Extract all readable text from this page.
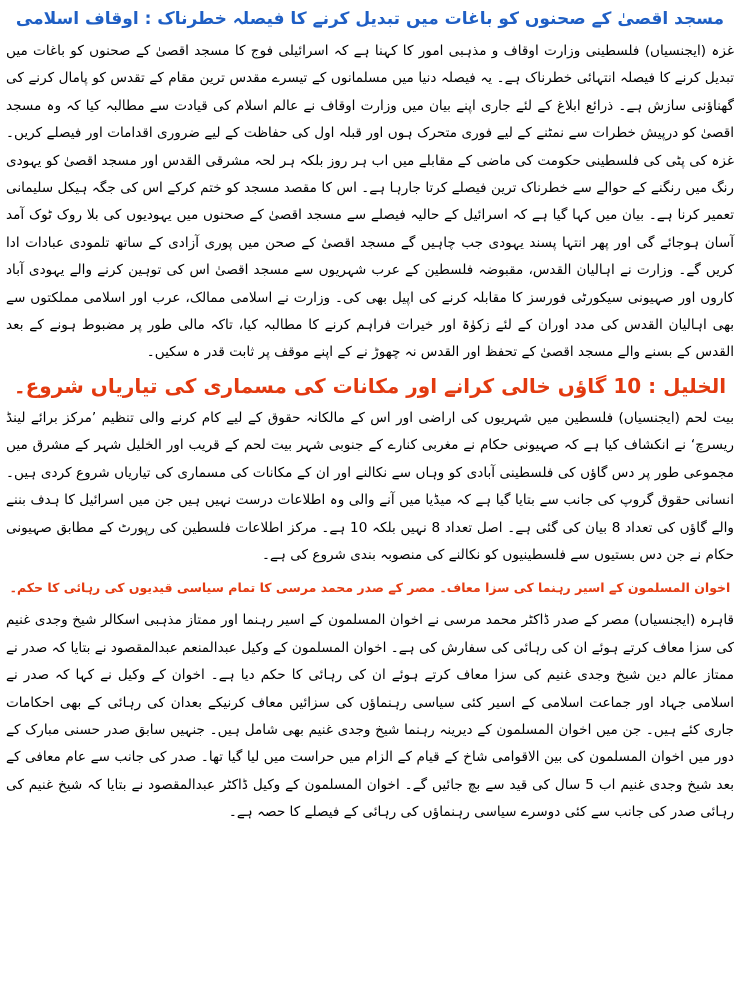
مسجد اقصیٰ کے صحنوں کو باغات میں تبدیل کرنے کا فیصلہ خطرناک : اوقاف اسلامی

غزہ (ایجنسیاں) فلسطینی وزارت اوقاف و مذہبی امور کا کہنا ہے کہ اسرائیلی فوج کا مسجد اقصیٰ کے صحنوں کو باغات میں تبدیل کرنے کا فیصلہ انتہائی خطرناک ہے۔ یہ فیصلہ دنیا میں مسلمانوں کے تیسرے مقدس ترین مقام کے تقدس کو پامال کرنے کی گھناؤنی سازش ہے۔ ذرائع ابلاغ کے لئے جاری اپنے بیان میں وزارت اوقاف نے عالم اسلام کی قیادت سے مطالبہ کیا کہ وہ مسجد اقصیٰ کو درپیش خطرات سے نمٹنے کے لیے فوری متحرک ہوں اور قبلہ اول کی حفاظت کے لیے ضروری اقدامات اور فیصلے کریں۔ غزہ کی پٹی کی فلسطینی حکومت کی ماضی کے مقابلے میں اب ہر روز بلکہ ہر لحہ مشرقی القدس اور مسجد اقصیٰ کو یہودی رنگ میں رنگنے کے حوالے سے خطرناک ترین فیصلے کرتا جارہا ہے۔ اس کا مقصد مسجد کو ختم کرکے اس کی جگہ ہیکل سلیمانی تعمیر کرنا ہے۔ بیان میں کہا گیا ہے کہ اسرائیل کے حالیہ فیصلے سے مسجد اقصیٰ کے صحنوں میں یہودیوں کی بلا روک ٹوک آمد آسان ہوجائے گی اور پھر انتہا پسند یہودی جب چاہیں گے مسجد اقصیٰ کے صحن میں پوری آزادی کے ساتھ تلمودی عبادات ادا کریں گے۔ وزارت نے اہالیان القدس، مقبوضہ فلسطین کے عرب شہریوں سے مسجد اقصیٰ اس کی توہین کرنے والے یہودی آباد کاروں اور صہیونی سیکورٹی فورسز کا مقابلہ کرنے کی اپیل بھی کی۔ وزارت نے اسلامی ممالک، عرب اور اسلامی مملکتوں سے بھی اہالیان القدس کی مدد اوران کے لئے زکوٰۃ اور خیرات فراہم کرنے کا مطالبہ کیا، تاکہ مالی طور پر مضبوط ہونے کے بعد القدس کے بسنے والے مسجد اقصیٰ کے تحفظ اور القدس نہ چھوڑ نے کے اپنے موقف پر ثابت قدر ہ سکیں۔

الخلیل : 10 گاؤں خالی کرانے اور مکانات کی مسماری کی تیاریاں شروع۔

بیت لحم (ایجنسیاں) فلسطین میں شہریوں کی اراضی اور اس کے مالکانہ حقوق کے لیے کام کرنے والی تنظیم ’مرکز برائے لینڈ ریسرچ‘ نے انکشاف کیا ہے کہ صہیونی حکام نے مغربی کنارے کے جنوبی شہر بیت لحم کے قریب اور الخلیل شہر کے مشرق میں مجموعی طور پر دس گاؤں کی فلسطینی آبادی کو وہاں سے نکالنے اور ان کے مکانات کی مسماری کی تیاریاں شروع کردی ہیں۔ انسانی حقوق گروپ کی جانب سے بتایا گیا ہے کہ میڈیا میں آنے والی وہ اطلاعات درست نہیں ہیں جن میں اسرائیل کا ہدف بننے والے گاؤں کی تعداد 8 بیان کی گئی ہے۔ اصل تعداد 8 نہیں بلکہ 10 ہے۔ مرکز اطلاعات فلسطین کی رپورٹ کے مطابق صہیونی حکام نے جن دس بستیوں سے فلسطینیوں کو نکالنے کی منصوبہ بندی شروع کی ہے۔

اخوان المسلمون کے اسیر رہنما کی سزا معاف۔ مصر کے صدر محمد مرسی کا تمام سیاسی قیدیوں کی رہائی کا حکم۔

قاہرہ (ایجنسیاں) مصر کے صدر ڈاکٹر محمد مرسی نے اخوان المسلمون کے اسیر رہنما اور ممتاز مذہبی اسکالر شیخ وجدی غنیم کی سزا معاف کرتے ہوئے ان کی رہائی کی سفارش کی ہے۔ اخوان المسلمون کے وکیل عبدالمنعم عبدالمقصود نے بتایا کہ صدر نے ممتاز عالم دین شیخ وجدی غنیم کی سزا معاف کرتے ہوئے ان کی رہائی کا حکم دیا ہے۔ اخوان کے وکیل نے کہا کہ صدر نے اسلامی جہاد اور جماعت اسلامی کے اسیر کئی سیاسی رہنماؤں کی سزائیں معاف کرنیکے بعدان کی رہائی کے بھی احکامات جاری کئے ہیں۔ جن میں اخوان المسلمون کے دیرینہ رہنما شیخ وجدی غنیم بھی شامل ہیں۔ جنہیں سابق صدر حسنی مبارک کے دور میں اخوان المسلمون کی بین الاقوامی شاخ کے قیام کے الزام میں حراست میں لیا گیا تھا۔ صدر کی جانب سے عام معافی کے بعد شیخ وجدی غنیم اب 5 سال کی قید سے بچ جائیں گے۔ اخوان المسلمون کے وکیل ڈاکٹر عبدالمقصود نے بتایا کہ شیخ غنیم کی رہائی صدر کی جانب سے کئی دوسرے سیاسی رہنماؤں کی رہائی کے فیصلے کا حصہ ہے۔
